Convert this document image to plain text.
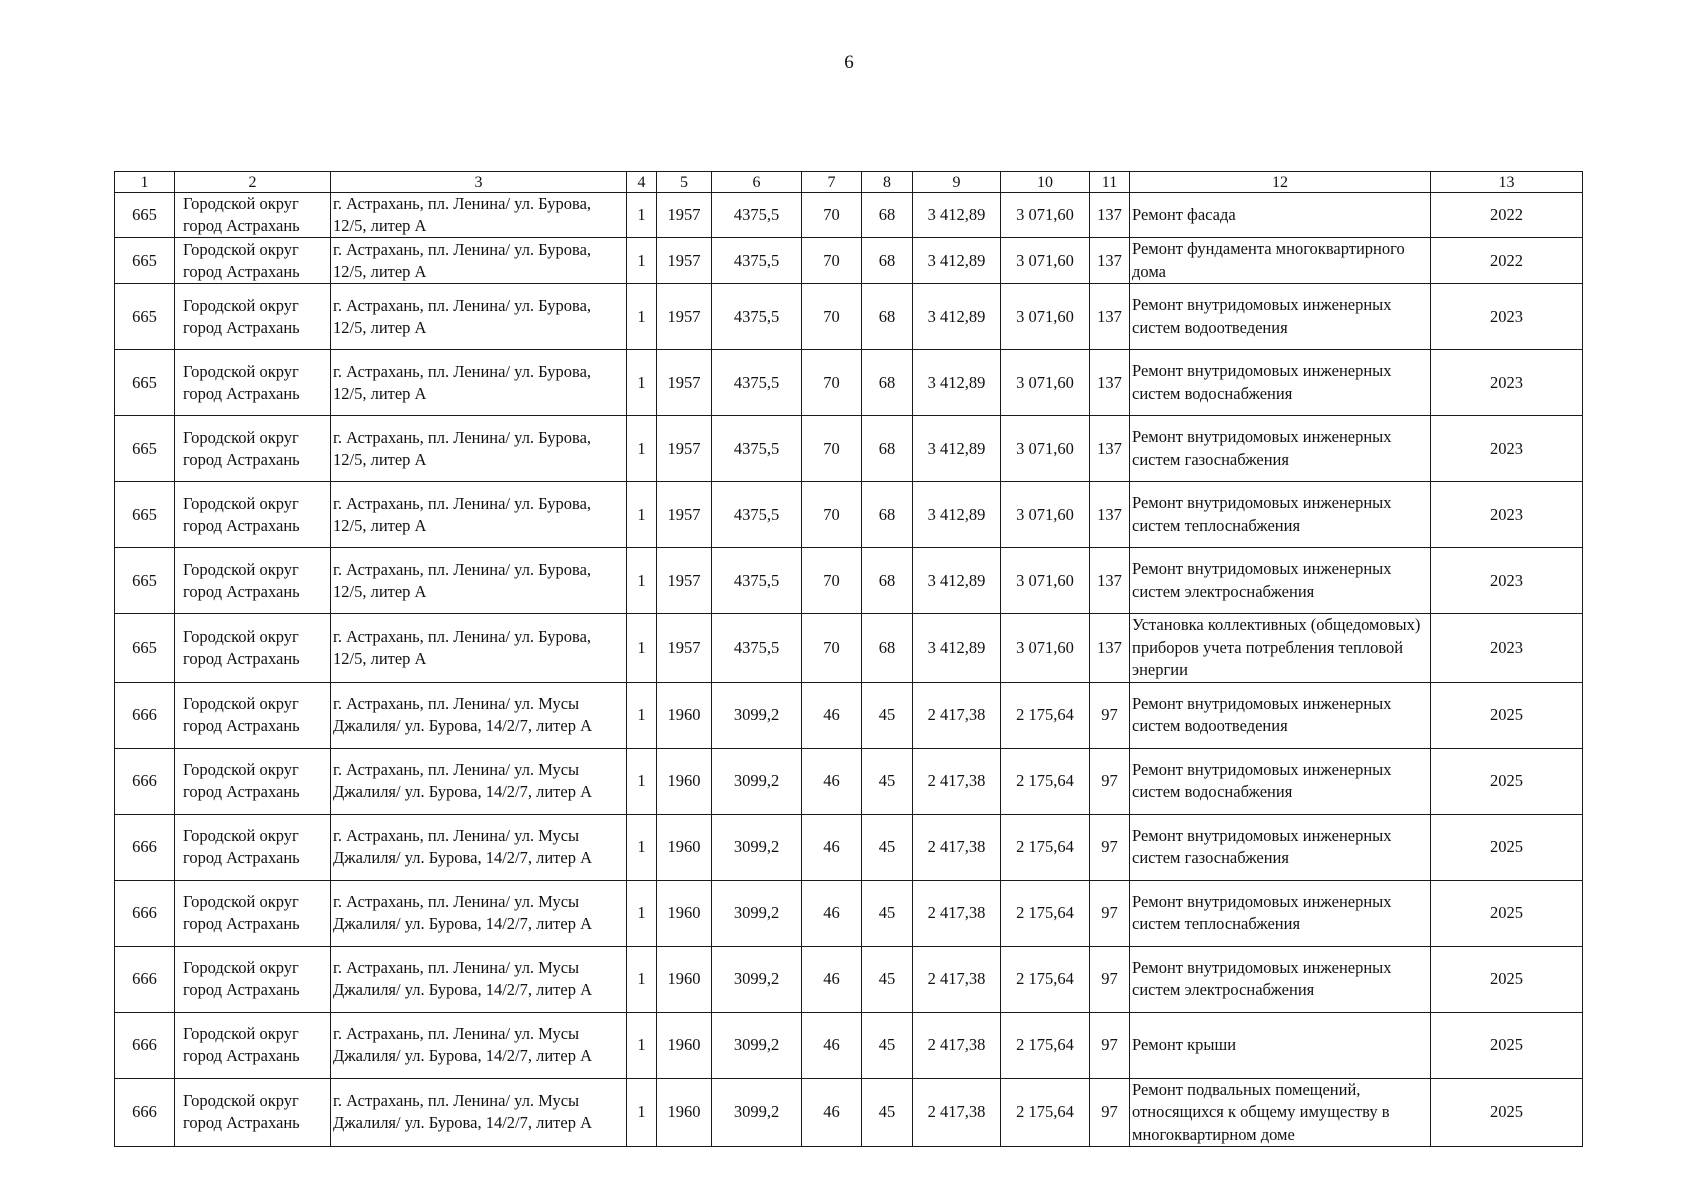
6
1	2	3	4	5	6	7	8	9	10	11	12	13
665	Городской округ город Астрахань	г. Астрахань, пл. Ленина/ ул. Бурова, 12/5, литер А	1	1957	4375,5	70	68	3 412,89	3 071,60	137	Ремонт фасада	2022
665	Городской округ город Астрахань	г. Астрахань, пл. Ленина/ ул. Бурова, 12/5, литер А	1	1957	4375,5	70	68	3 412,89	3 071,60	137	Ремонт фундамента многоквартирного дома	2022
665	Городской округ город Астрахань	г. Астрахань, пл. Ленина/ ул. Бурова, 12/5, литер А	1	1957	4375,5	70	68	3 412,89	3 071,60	137	Ремонт внутридомовых инженерных систем водоотведения	2023
665	Городской округ город Астрахань	г. Астрахань, пл. Ленина/ ул. Бурова, 12/5, литер А	1	1957	4375,5	70	68	3 412,89	3 071,60	137	Ремонт внутридомовых инженерных систем водоснабжения	2023
665	Городской округ город Астрахань	г. Астрахань, пл. Ленина/ ул. Бурова, 12/5, литер А	1	1957	4375,5	70	68	3 412,89	3 071,60	137	Ремонт внутридомовых инженерных систем газоснабжения	2023
665	Городской округ город Астрахань	г. Астрахань, пл. Ленина/ ул. Бурова, 12/5, литер А	1	1957	4375,5	70	68	3 412,89	3 071,60	137	Ремонт внутридомовых инженерных систем теплоснабжения	2023
665	Городской округ город Астрахань	г. Астрахань, пл. Ленина/ ул. Бурова, 12/5, литер А	1	1957	4375,5	70	68	3 412,89	3 071,60	137	Ремонт внутридомовых инженерных систем электроснабжения	2023
665	Городской округ город Астрахань	г. Астрахань, пл. Ленина/ ул. Бурова, 12/5, литер А	1	1957	4375,5	70	68	3 412,89	3 071,60	137	Установка коллективных (общедомовых) приборов учета потребления тепловой энергии	2023
666	Городской округ город Астрахань	г. Астрахань, пл. Ленина/ ул. Мусы Джалиля/ ул. Бурова, 14/2/7, литер А	1	1960	3099,2	46	45	2 417,38	2 175,64	97	Ремонт внутридомовых инженерных систем водоотведения	2025
666	Городской округ город Астрахань	г. Астрахань, пл. Ленина/ ул. Мусы Джалиля/ ул. Бурова, 14/2/7, литер А	1	1960	3099,2	46	45	2 417,38	2 175,64	97	Ремонт внутридомовых инженерных систем водоснабжения	2025
666	Городской округ город Астрахань	г. Астрахань, пл. Ленина/ ул. Мусы Джалиля/ ул. Бурова, 14/2/7, литер А	1	1960	3099,2	46	45	2 417,38	2 175,64	97	Ремонт внутридомовых инженерных систем газоснабжения	2025
666	Городской округ город Астрахань	г. Астрахань, пл. Ленина/ ул. Мусы Джалиля/ ул. Бурова, 14/2/7, литер А	1	1960	3099,2	46	45	2 417,38	2 175,64	97	Ремонт внутридомовых инженерных систем теплоснабжения	2025
666	Городской округ город Астрахань	г. Астрахань, пл. Ленина/ ул. Мусы Джалиля/ ул. Бурова, 14/2/7, литер А	1	1960	3099,2	46	45	2 417,38	2 175,64	97	Ремонт внутридомовых инженерных систем электроснабжения	2025
666	Городской округ город Астрахань	г. Астрахань, пл. Ленина/ ул. Мусы Джалиля/ ул. Бурова, 14/2/7, литер А	1	1960	3099,2	46	45	2 417,38	2 175,64	97	Ремонт крыши	2025
666	Городской округ город Астрахань	г. Астрахань, пл. Ленина/ ул. Мусы Джалиля/ ул. Бурова, 14/2/7, литер А	1	1960	3099,2	46	45	2 417,38	2 175,64	97	Ремонт подвальных помещений, относящихся к общему имуществу в многоквартирном доме	2025
